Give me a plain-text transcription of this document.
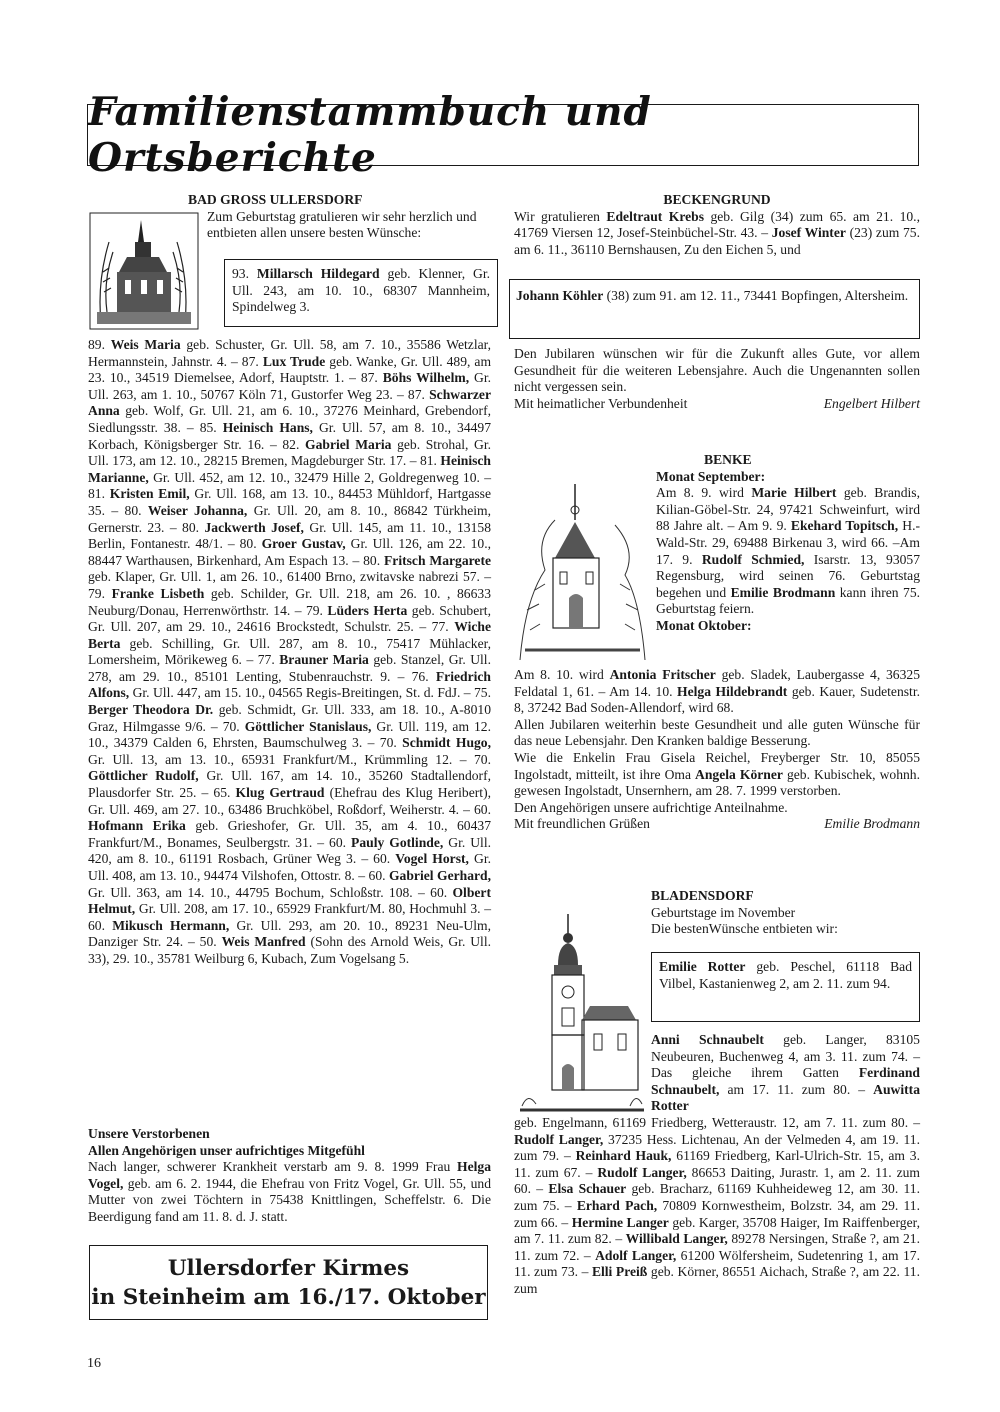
Familienstammbuch und Ortsberichte
BAD GROSS ULLERSDORF
Zum Geburtstag gratulieren wir sehr herzlich und entbieten allen unsere besten Wünsche:
93. Millarsch Hildegard geb. Klenner, Gr. Ull. 243, am 10. 10., 68307 Mannheim, Spindelweg 3.
89. Weis Maria geb. Schuster, Gr. Ull. 58, am 7. 10., 35586 Wetzlar, Hermannstein, Jahnstr. 4. – 87. Lux Trude geb. Wanke, Gr. Ull. 489, am 23. 10., 34519 Diemelsee, Adorf, Hauptstr. 1. – 87. Böhs Wilhelm, Gr. Ull. 263, am 1. 10., 50767 Köln 71, Gustorfer Weg 23. – 87. Schwarzer Anna geb. Wolf, Gr. Ull. 21, am 6. 10., 37276 Meinhard, Grebendorf, Siedlungsstr. 38. – 85. Heinisch Hans, Gr. Ull. 57, am 8. 10., 34497 Korbach, Königsberger Str. 16. – 82. Gabriel Maria geb. Strohal, Gr. Ull. 173, am 12. 10., 28215 Bremen, Magdeburger Str. 17. – 81. Heinisch Marianne, Gr. Ull. 452, am 12. 10., 32479 Hille 2, Goldregenweg 10. – 81. Kristen Emil, Gr. Ull. 168, am 13. 10., 84453 Mühldorf, Hartgasse 35. – 80. Weiser Johanna, Gr. Ull. 20, am 8. 10., 86842 Türkheim, Gernerstr. 23. – 80. Jackwerth Josef, Gr. Ull. 145, am 11. 10., 13158 Berlin, Fontanestr. 48/1. – 80. Groer Gustav, Gr. Ull. 126, am 22. 10., 88447 Warthausen, Birkenhard, Am Espach 13. – 80. Fritsch Margarete geb. Klaper, Gr. Ull. 1, am 26. 10., 61400 Brno, zwitavske nabrezi 57. – 79. Franke Lisbeth geb. Schilder, Gr. Ull. 218, am 26. 10. , 86633 Neuburg/Donau, Herrenwörthstr. 14. – 79. Lüders Herta geb. Schubert, Gr. Ull. 207, am 29. 10., 24616 Brockstedt, Schulstr. 25. – 77. Wiche Berta geb. Schilling, Gr. Ull. 287, am 8. 10., 75417 Mühlacker, Lomersheim, Mörikeweg 6. – 77. Brauner Maria geb. Stanzel, Gr. Ull. 278, am 29. 10., 85101 Lenting, Stubenrauchstr. 9. – 76. Friedrich Alfons, Gr. Ull. 447, am 15. 10., 04565 Regis-Breitingen, St. d. FdJ. – 75. Berger Theodora Dr. geb. Schmidt, Gr. Ull. 333, am 18. 10., A-8010 Graz, Hilmgasse 9/6. – 70. Göttlicher Stanislaus, Gr. Ull. 119, am 12. 10., 34379 Calden 6, Ehrsten, Baumschulweg 3. – 70. Schmidt Hugo, Gr. Ull. 13, am 13. 10., 65931 Frankfurt/M., Krümmling 12. – 70. Göttlicher Rudolf, Gr. Ull. 167, am 14. 10., 35260 Stadtallendorf, Plausdorfer Str. 25. – 65. Klug Gertraud (Ehefrau des Klug Heribert), Gr. Ull. 469, am 27. 10., 63486 Bruchköbel, Roßdorf, Weiherstr. 4. – 60. Hofmann Erika geb. Grieshofer, Gr. Ull. 35, am 4. 10., 60437 Frankfurt/M., Bonames, Seulbergstr. 31. – 60. Pauly Gotlinde, Gr. Ull. 420, am 8. 10., 61191 Rosbach, Grüner Weg 3. – 60. Vogel Horst, Gr. Ull. 408, am 13. 10., 94474 Vilshofen, Ottostr. 8. – 60. Gabriel Gerhard, Gr. Ull. 363, am 14. 10., 44795 Bochum, Schloßstr. 108. – 60. Olbert Helmut, Gr. Ull. 208, am 17. 10., 65929 Frankfurt/M. 80, Hochmuhl 3. – 60. Mikusch Hermann, Gr. Ull. 293, am 20. 10., 89231 Neu-Ulm, Danziger Str. 24. – 50. Weis Manfred (Sohn des Arnold Weis, Gr. Ull. 33), 29. 10., 35781 Weilburg 6, Kubach, Zum Vogelsang 5.
Unsere Verstorbenen
Allen Angehörigen unser aufrichtiges Mitgefühl
Nach langer, schwerer Krankheit verstarb am 9. 8. 1999 Frau Helga Vogel, geb. am 6. 2. 1944, die Ehefrau von Fritz Vogel, Gr. Ull. 55, und Mutter von zwei Töchtern in 75438 Knittlingen, Scheffelstr. 6. Die Beerdigung fand am 11. 8. d. J. statt.
Ullersdorfer Kirmes
in Steinheim am 16./17. Oktober
16
BECKENGRUND
Wir gratulieren Edeltraut Krebs geb. Gilg (34) zum 65. am 21. 10., 41769 Viersen 12, Josef-Steinbüchel-Str. 43. – Josef Winter (23) zum 75. am 6. 11., 36110 Bernshausen, Zu den Eichen 5, und
Johann Köhler (38) zum 91. am 12. 11., 73441 Bopfingen, Altersheim.
Den Jubilaren wünschen wir für die Zukunft alles Gute, vor allem Gesundheit für die weiteren Lebensjahre. Auch die Ungenannten sollen nicht vergessen sein.
Mit heimatlicher Verbundenheit	Engelbert Hilbert
BENKE
Monat September:
Am 8. 9. wird Marie Hilbert geb. Brandis, Kilian-Göbel-Str. 24, 97421 Schweinfurt, wird 88 Jahre alt. – Am 9. 9. Ekehard Topitsch, H.-Wald-Str. 29, 69488 Birkenau 3, wird 66. –Am 17. 9. Rudolf Schmied, Isarstr. 13, 93057 Regensburg, wird seinen 76. Geburtstag begehen und Emilie Brodmann kann ihren 75. Geburtstag feiern.
Monat Oktober:
Am 8. 10. wird Antonia Fritscher geb. Sladek, Laubergasse 4, 36325 Feldatal 1, 61. – Am 14. 10. Helga Hildebrandt geb. Kauer, Sudetenstr. 8, 37242 Bad Soden-Allendorf, wird 68.
Allen Jubilaren weiterhin beste Gesundheit und alle guten Wünsche für das neue Lebensjahr. Den Kranken baldige Besserung.
Wie die Enkelin Frau Gisela Reichel, Freyberger Str. 10, 85055 Ingolstadt, mitteilt, ist ihre Oma Angela Körner geb. Kubischek, wohnh. gewesen Ingolstadt, Unsernhern, am 28. 7. 1999 verstorben.
Den Angehörigen unsere aufrichtige Anteilnahme.
Mit freundlichen Grüßen	Emilie Brodmann
BLADENSDORF
Geburtstage im November
Die bestenWünsche entbieten wir:
Emilie Rotter geb. Peschel, 61118 Bad Vilbel, Kastanienweg 2, am 2. 11. zum 94.
Anni Schnaubelt geb. Langer, 83105 Neubeuren, Buchenweg 4, am 3. 11. zum 74. – Das gleiche ihrem Gatten Ferdinand Schnaubelt, am 17. 11. zum 80. – Auwitta Rotter
geb. Engelmann, 61169 Friedberg, Wetteraustr. 12, am 7. 11. zum 80. – Rudolf Langer, 37235 Hess. Lichtenau, An der Velmeden 4, am 19. 11. zum 79. – Reinhard Hauk, 61169 Friedberg, Karl-Ulrich-Str. 15, am 3. 11. zum 67. – Rudolf Langer, 86653 Daiting, Jurastr. 1, am 2. 11. zum 60. – Elsa Schauer geb. Bracharz, 61169 Kuhheideweg 12, am 30. 11. zum 75. – Erhard Pach, 70809 Kornwestheim, Bolzstr. 34, am 29. 11. zum 66. – Hermine Langer geb. Karger, 35708 Haiger, Im Raiffenberger, am 7. 11. zum 82. – Willibald Langer, 89278 Nersingen, Straße ?, am 21. 11. zum 72. – Adolf Langer, 61200 Wölfersheim, Sudetenring 1, am 17. 11. zum 73. – Elli Preiß geb. Körner, 86551 Aichach, Straße ?, am 22. 11. zum
